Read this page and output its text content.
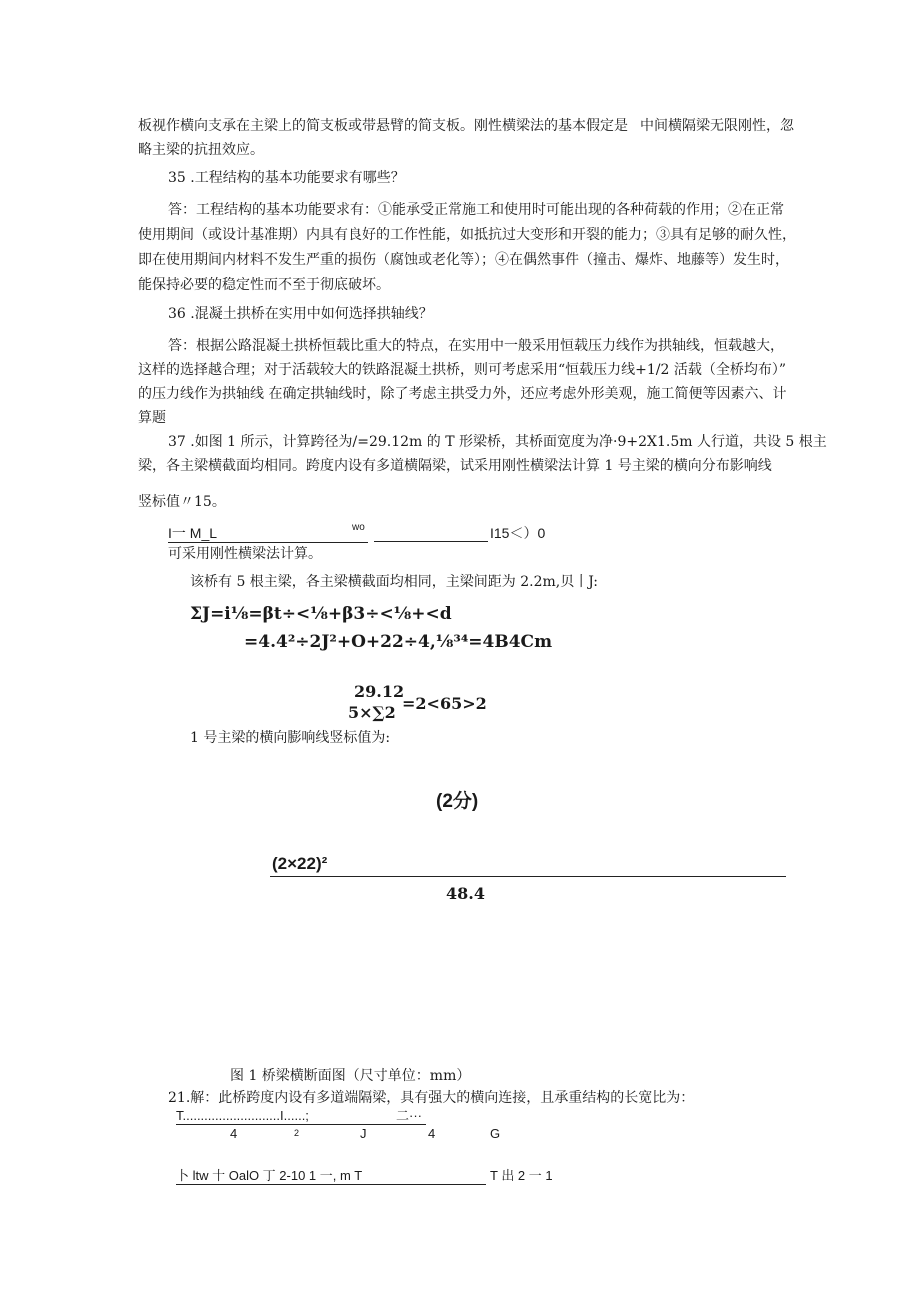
板视作横向支承在主梁上的简支板或带悬臂的简支板。刚性横梁法的基本假定是 中间横隔梁无限刚性，忽
略主梁的抗扭效应。
35 .工程结构的基本功能要求有哪些？
答：工程结构的基本功能要求有：①能承受正常施工和使用时可能出现的各种荷载的作用；②在正常
使用期间（或设计基准期）内具有良好的工作性能，如抵抗过大变形和开裂的能力；③具有足够的耐久性，
即在使用期间内材料不发生严重的损伤（腐蚀或老化等）；④在偶然事件（撞击、爆炸、地藤等）发生时，
能保持必要的稳定性而不至于彻底破坏。
36 .混凝土拱桥在实用中如何选择拱轴线？
答：根据公路混凝土拱桥恒载比重大的特点，在实用中一般采用恒载压力线作为拱轴线，恒载越大，
这样的选择越合理；对于活载较大的铁路混凝土拱桥，则可考虑采用“恒载压力线+1/2 活载（全桥均布）”
的压力线作为拱轴线 在确定拱轴线时，除了考虑主拱受力外，还应考虑外形美观，施工简便等因素六、计
算题
37 .如图 1 所示，计算跨径为/=29.12m 的 T 形梁桥，其桥面宽度为净·9+2X1.5m 人行道，共设 5 根主
梁，各主梁横截面均相同。跨度内设有多道横隔梁，试采用刚性横梁法计算 1 号主梁的横向分布影响线
竖标值〃15。
I一 M_L	wo	I15＜）0
可采用刚性横梁法计算。
该桥有 5 根主梁，各主梁横截面均相同，主梁间距为 2.2m,贝丨J:
ΣJ=i⅛=βt÷<⅛+β3÷<⅛+<d
=4.4²÷2J²+O+22÷4,⅛³⁴=4B4Cm
29.12
5×∑2 =2<65>2
1 号主梁的横向膨响线竖标值为:
(2分)
(2×22)²
48.4
图 1 桥梁横断面图（尺寸单位：mm）
21.解：此桥跨度内设有多道端隔梁，具有强大的横向连接，且承重结构的长宽比为：
T...........................I......;	二···
4	2	J	4	G
卜 ltw 十 OalO 丁 2-10 1 一, m T	T 出 2 一 1
